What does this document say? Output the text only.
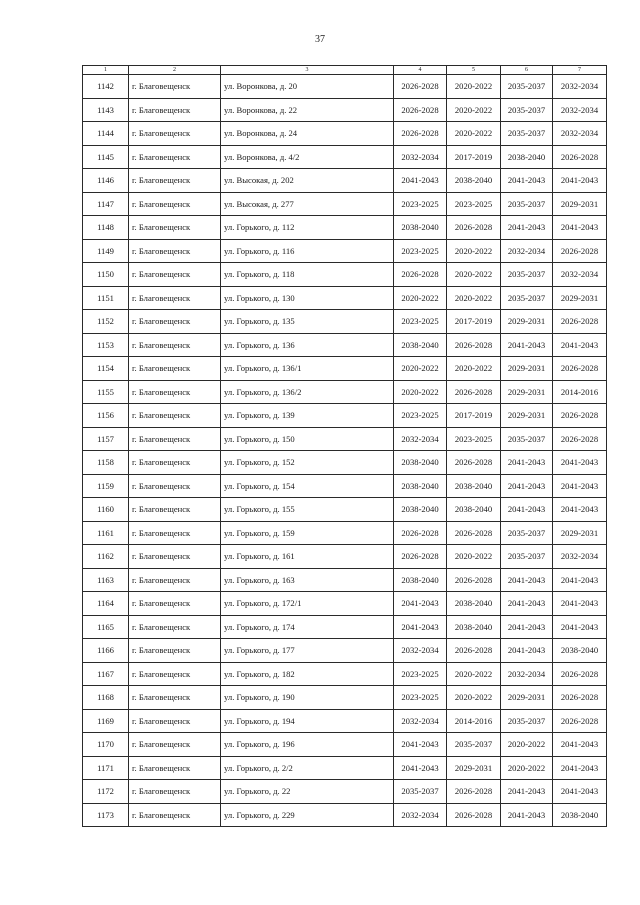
37
1	2	3	4	5	6	7
1142	г. Благовещенск	ул. Воронкова, д. 20	2026-2028	2020-2022	2035-2037	2032-2034
1143	г. Благовещенск	ул. Воронкова, д. 22	2026-2028	2020-2022	2035-2037	2032-2034
1144	г. Благовещенск	ул. Воронкова, д. 24	2026-2028	2020-2022	2035-2037	2032-2034
1145	г. Благовещенск	ул. Воронкова, д. 4/2	2032-2034	2017-2019	2038-2040	2026-2028
1146	г. Благовещенск	ул. Высокая, д. 202	2041-2043	2038-2040	2041-2043	2041-2043
1147	г. Благовещенск	ул. Высокая, д. 277	2023-2025	2023-2025	2035-2037	2029-2031
1148	г. Благовещенск	ул. Горького, д. 112	2038-2040	2026-2028	2041-2043	2041-2043
1149	г. Благовещенск	ул. Горького, д. 116	2023-2025	2020-2022	2032-2034	2026-2028
1150	г. Благовещенск	ул. Горького, д. 118	2026-2028	2020-2022	2035-2037	2032-2034
1151	г. Благовещенск	ул. Горького, д. 130	2020-2022	2020-2022	2035-2037	2029-2031
1152	г. Благовещенск	ул. Горького, д. 135	2023-2025	2017-2019	2029-2031	2026-2028
1153	г. Благовещенск	ул. Горького, д. 136	2038-2040	2026-2028	2041-2043	2041-2043
1154	г. Благовещенск	ул. Горького, д. 136/1	2020-2022	2020-2022	2029-2031	2026-2028
1155	г. Благовещенск	ул. Горького, д. 136/2	2020-2022	2026-2028	2029-2031	2014-2016
1156	г. Благовещенск	ул. Горького, д. 139	2023-2025	2017-2019	2029-2031	2026-2028
1157	г. Благовещенск	ул. Горького, д. 150	2032-2034	2023-2025	2035-2037	2026-2028
1158	г. Благовещенск	ул. Горького, д. 152	2038-2040	2026-2028	2041-2043	2041-2043
1159	г. Благовещенск	ул. Горького, д. 154	2038-2040	2038-2040	2041-2043	2041-2043
1160	г. Благовещенск	ул. Горького, д. 155	2038-2040	2038-2040	2041-2043	2041-2043
1161	г. Благовещенск	ул. Горького, д. 159	2026-2028	2026-2028	2035-2037	2029-2031
1162	г. Благовещенск	ул. Горького, д. 161	2026-2028	2020-2022	2035-2037	2032-2034
1163	г. Благовещенск	ул. Горького, д. 163	2038-2040	2026-2028	2041-2043	2041-2043
1164	г. Благовещенск	ул. Горького, д. 172/1	2041-2043	2038-2040	2041-2043	2041-2043
1165	г. Благовещенск	ул. Горького, д. 174	2041-2043	2038-2040	2041-2043	2041-2043
1166	г. Благовещенск	ул. Горького, д. 177	2032-2034	2026-2028	2041-2043	2038-2040
1167	г. Благовещенск	ул. Горького, д. 182	2023-2025	2020-2022	2032-2034	2026-2028
1168	г. Благовещенск	ул. Горького, д. 190	2023-2025	2020-2022	2029-2031	2026-2028
1169	г. Благовещенск	ул. Горького, д. 194	2032-2034	2014-2016	2035-2037	2026-2028
1170	г. Благовещенск	ул. Горького, д. 196	2041-2043	2035-2037	2020-2022	2041-2043
1171	г. Благовещенск	ул. Горького, д. 2/2	2041-2043	2029-2031	2020-2022	2041-2043
1172	г. Благовещенск	ул. Горького, д. 22	2035-2037	2026-2028	2041-2043	2041-2043
1173	г. Благовещенск	ул. Горького, д. 229	2032-2034	2026-2028	2041-2043	2038-2040
